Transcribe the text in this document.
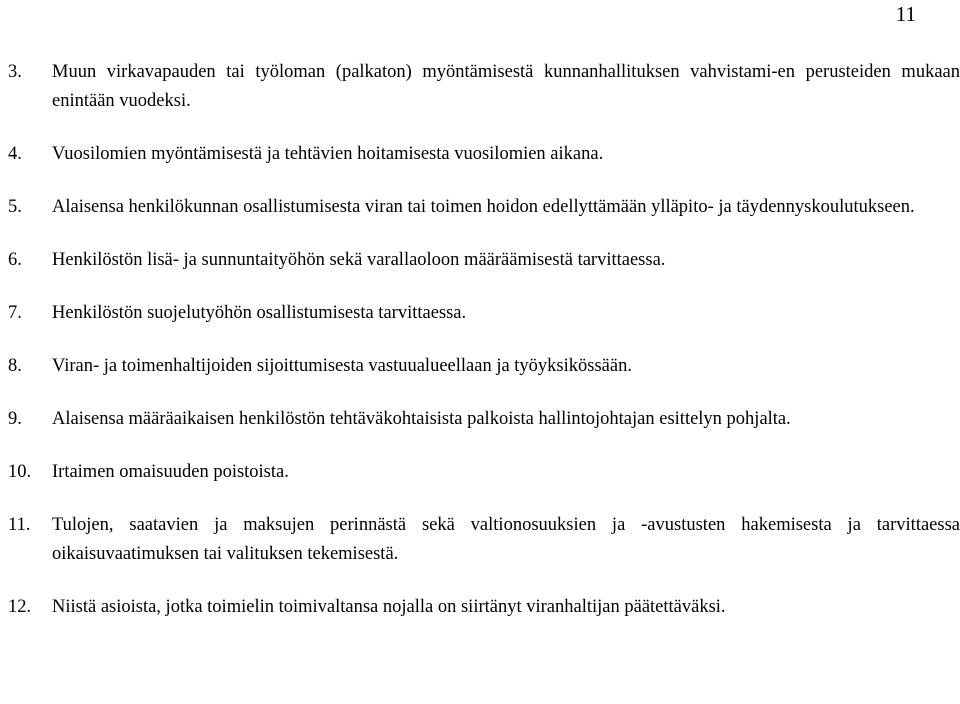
11
3. Muun virkavapauden tai työloman (palkaton) myöntämisestä kunnanhallituksen vahvistami-en perusteiden mukaan enintään vuodeksi.
4. Vuosilomien myöntämisestä ja tehtävien hoitamisesta vuosilomien aikana.
5. Alaisensa henkilökunnan osallistumisesta viran tai toimen hoidon edellyttämään ylläpito- ja täydennyskoulutukseen.
6. Henkilöstön lisä- ja sunnuntaityöhön sekä varallaoloon määräämisestä tarvittaessa.
7. Henkilöstön suojelutyöhön osallistumisesta tarvittaessa.
8. Viran- ja toimenhaltijoiden sijoittumisesta vastuualueellaan ja työyksikössään.
9. Alaisensa määräaikaisen henkilöstön tehtäväkohtaisista palkoista hallintojohtajan esittelyn pohjalta.
10. Irtaimen omaisuuden poistoista.
11. Tulojen, saatavien ja maksujen perinnästä sekä valtionosuuksien ja -avustusten hakemisesta ja tarvittaessa oikaisuvaatimuksen tai valituksen tekemisestä.
12. Niistä asioista, jotka toimielin toimivaltansa nojalla on siirtänyt viranhaltijan päätettäväksi.
